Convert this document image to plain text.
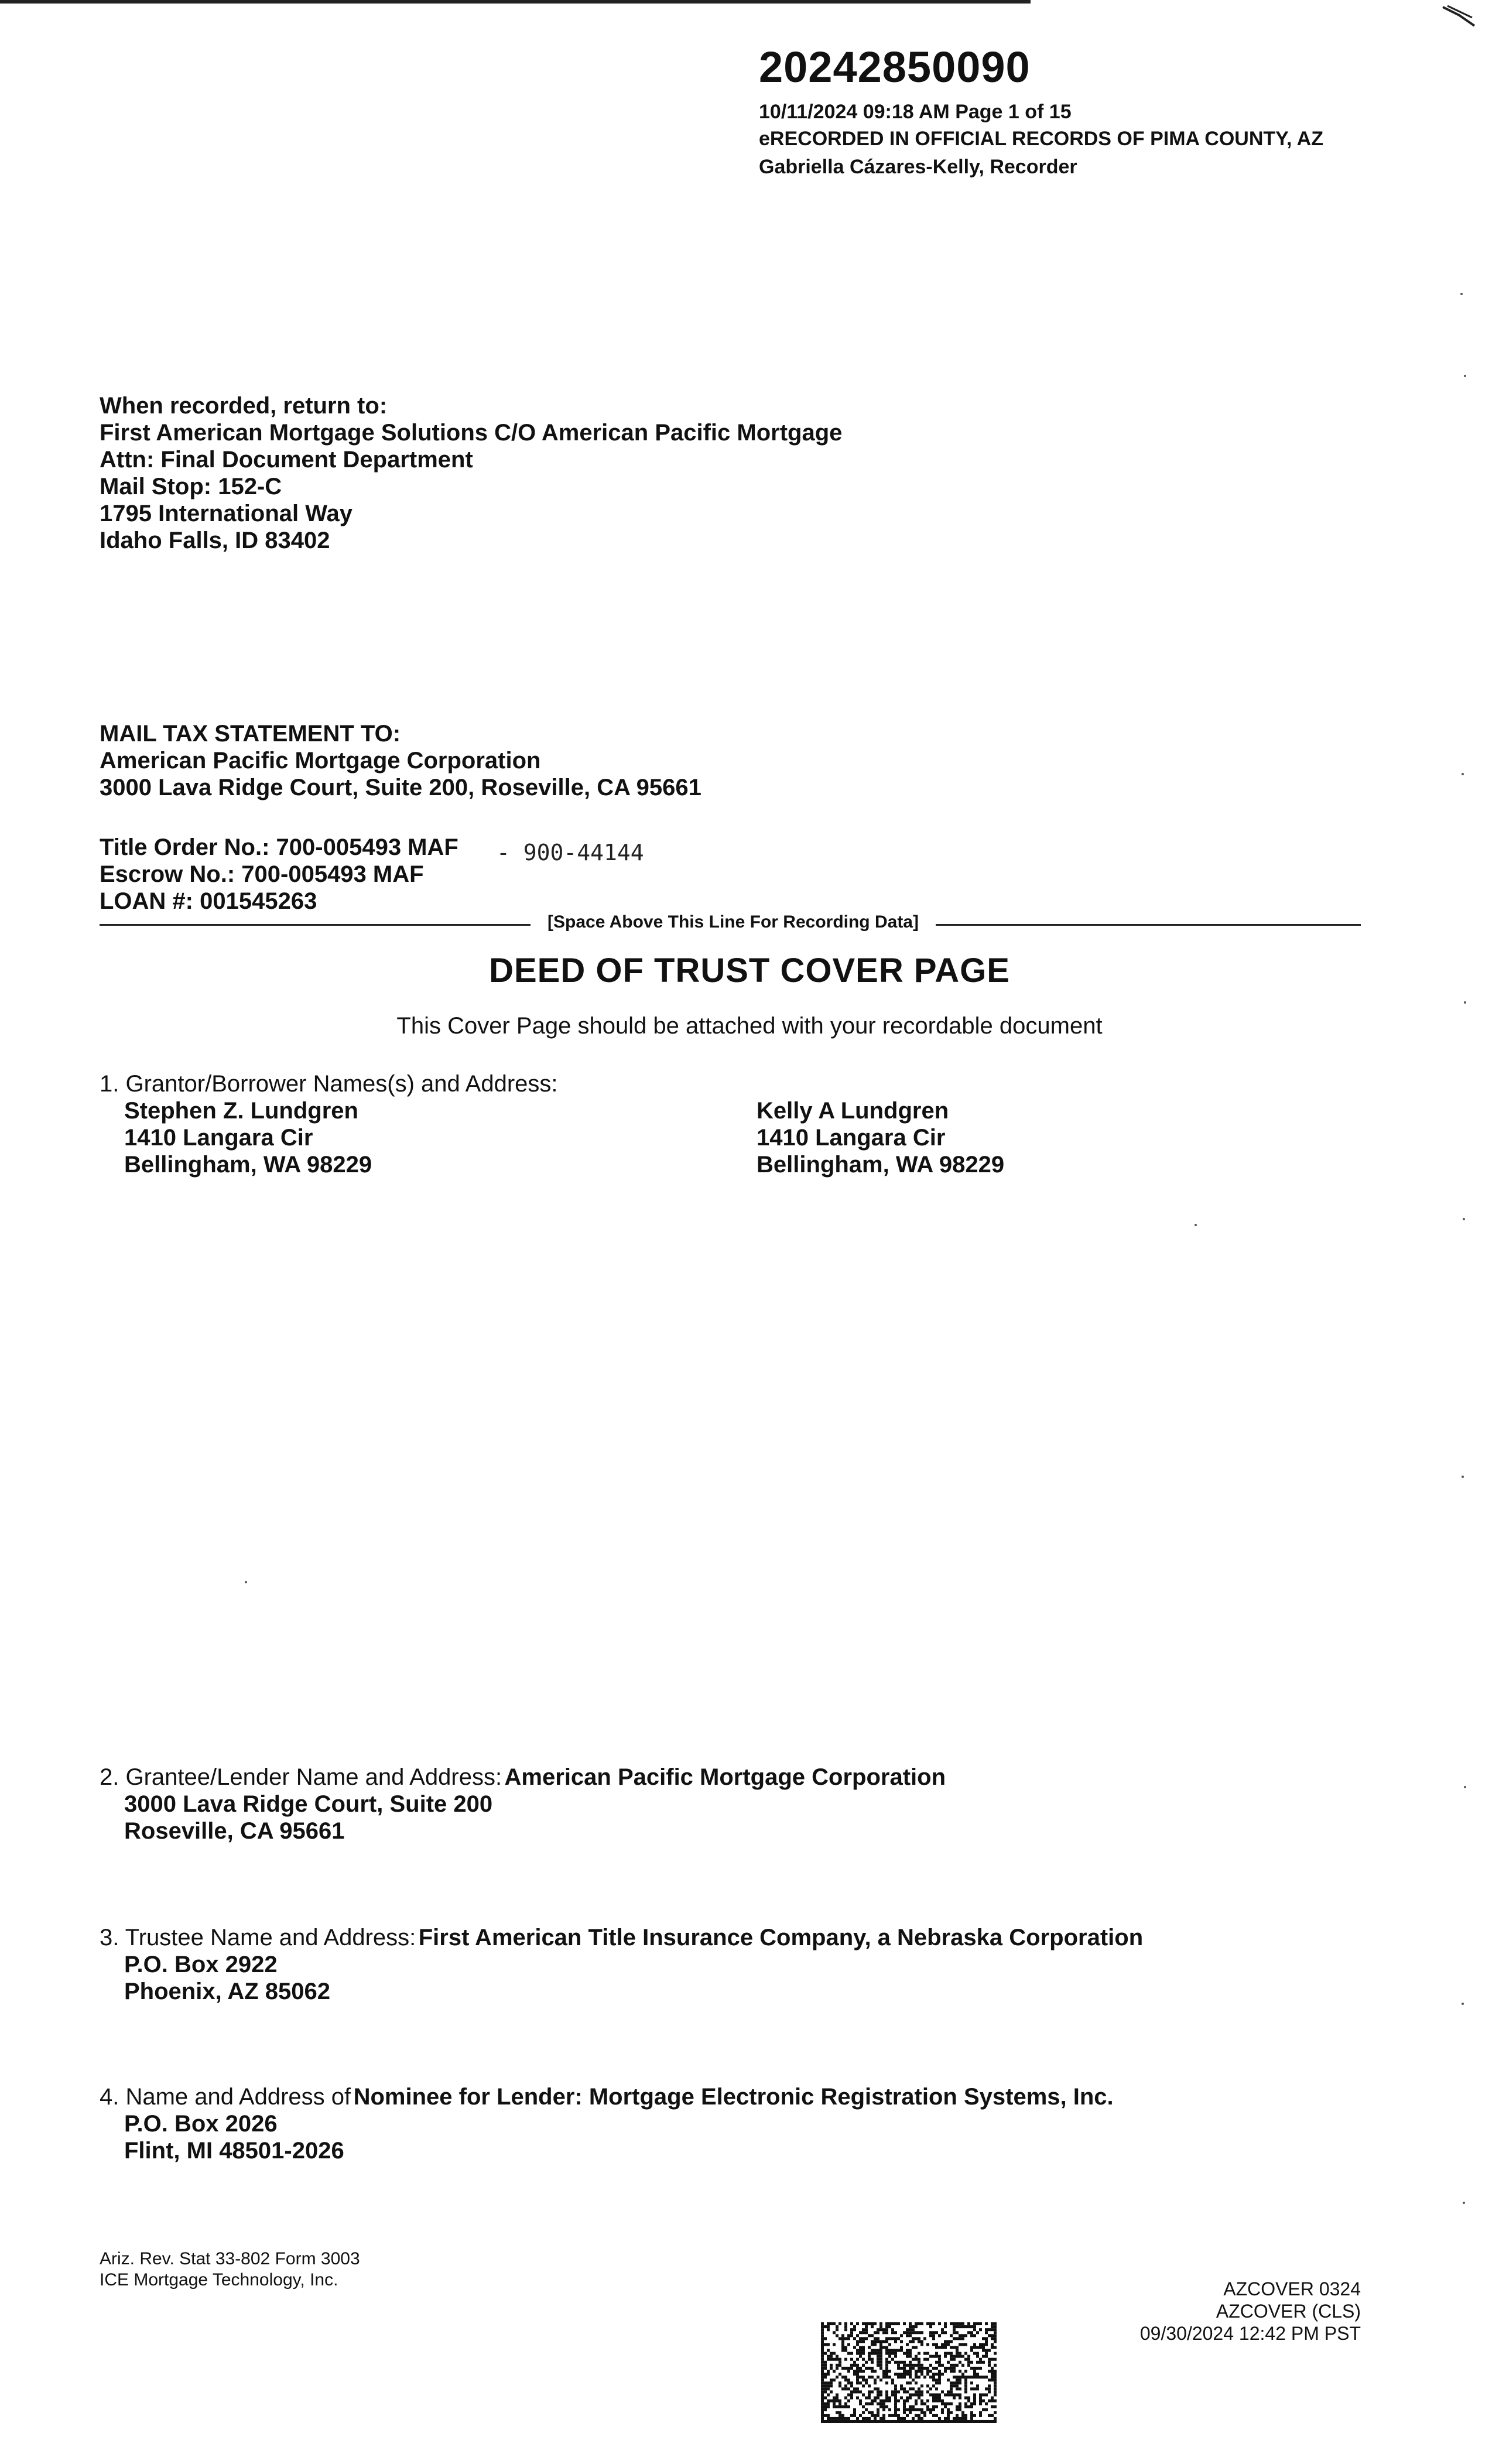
20242850090
10/11/2024 09:18 AM Page 1 of 15
eRECORDED IN OFFICIAL RECORDS OF PIMA COUNTY, AZ
Gabriella Cázares-Kelly, Recorder
When recorded, return to:
First American Mortgage Solutions C/O American Pacific Mortgage
Attn: Final Document Department
Mail Stop: 152-C
1795 International Way
Idaho Falls, ID 83402
MAIL TAX STATEMENT TO:
American Pacific Mortgage Corporation
3000 Lava Ridge Court, Suite 200, Roseville, CA 95661
Title Order No.: 700-005493 MAF
Escrow No.: 700-005493 MAF
LOAN #: 001545263
- 900-44144
[Space Above This Line For Recording Data]
DEED OF TRUST COVER PAGE
This Cover Page should be attached with your recordable document
1. Grantor/Borrower Names(s) and Address:
Stephen Z. Lundgren
1410 Langara Cir
Bellingham, WA 98229
Kelly A Lundgren
1410 Langara Cir
Bellingham, WA 98229
2. Grantee/Lender Name and Address: American Pacific Mortgage Corporation
3000 Lava Ridge Court, Suite 200
Roseville, CA 95661
3. Trustee Name and Address: First American Title Insurance Company, a Nebraska Corporation
P.O. Box 2922
Phoenix, AZ 85062
4. Name and Address of Nominee for Lender: Mortgage Electronic Registration Systems, Inc.
P.O. Box 2026
Flint, MI 48501-2026
Ariz. Rev. Stat 33-802 Form 3003
ICE Mortgage Technology, Inc.	AZCOVER 0324
AZCOVER (CLS)
09/30/2024 12:42 PM PST
